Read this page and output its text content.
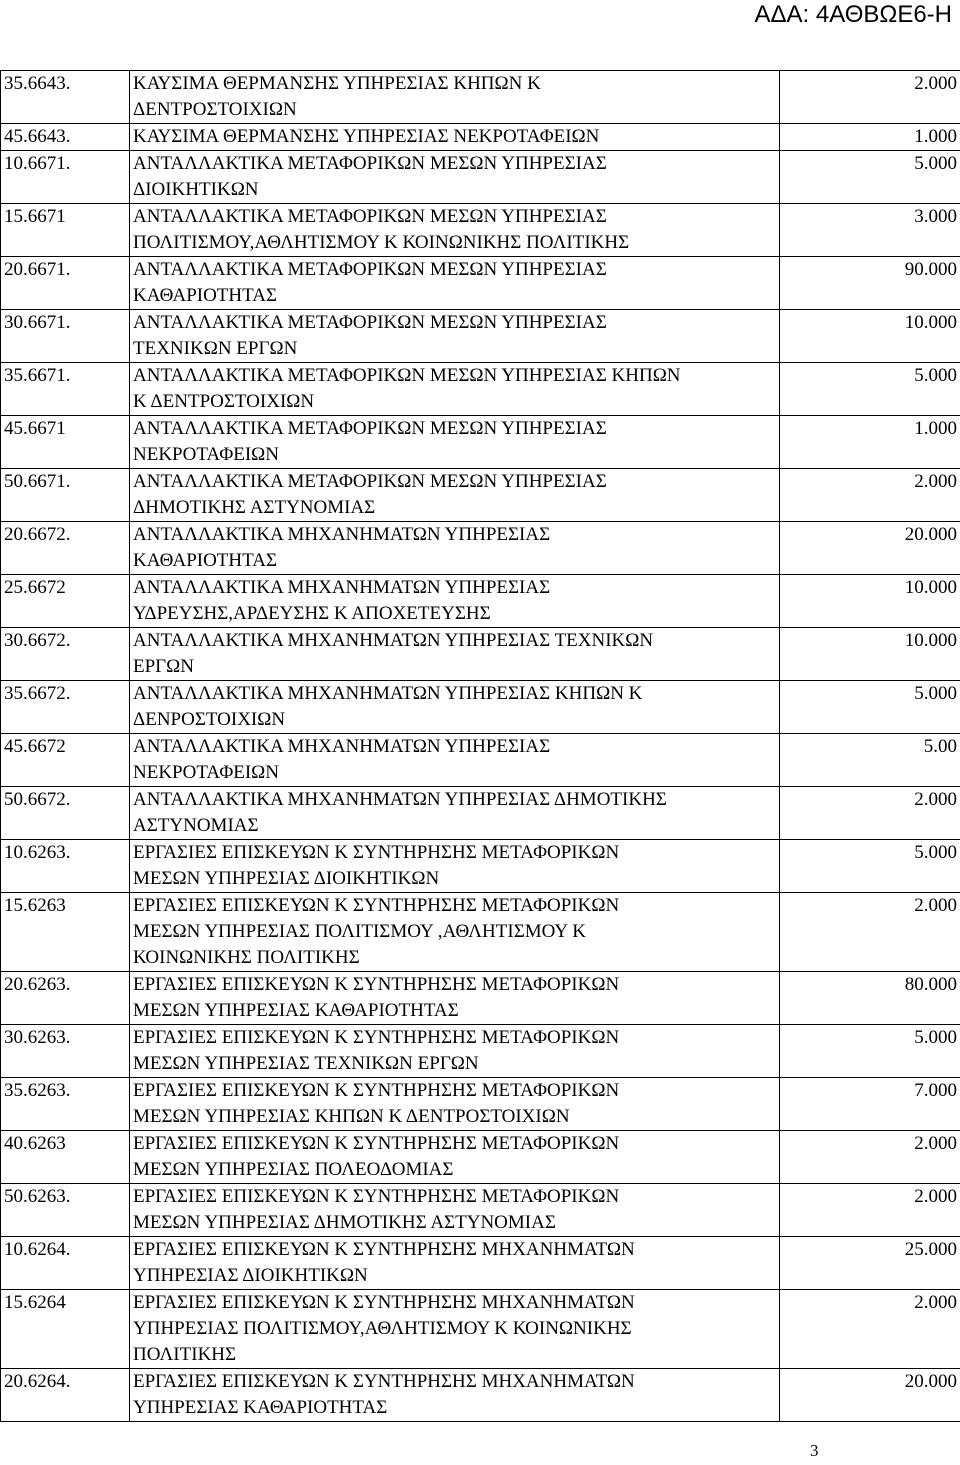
ΑΔΑ: 4ΑΘΒΩΕ6-Η
35.6643.	ΚΑΥΣΙΜΑ ΘΕΡΜΑΝΣΗΣ ΥΠΗΡΕΣΙΑΣ ΚΗΠΩΝ Κ
ΔΕΝΤΡΟΣΤΟΙΧΙΩΝ	2.000
45.6643.	ΚΑΥΣΙΜΑ ΘΕΡΜΑΝΣΗΣ ΥΠΗΡΕΣΙΑΣ ΝΕΚΡΟΤΑΦΕΙΩΝ	1.000
10.6671.	ΑΝΤΑΛΛΑΚΤΙΚΑ ΜΕΤΑΦΟΡΙΚΩΝ ΜΕΣΩΝ ΥΠΗΡΕΣΙΑΣ
ΔΙΟΙΚΗΤΙΚΩΝ	5.000
15.6671	ΑΝΤΑΛΛΑΚΤΙΚΑ ΜΕΤΑΦΟΡΙΚΩΝ ΜΕΣΩΝ ΥΠΗΡΕΣΙΑΣ
ΠΟΛΙΤΙΣΜΟΥ,ΑΘΛΗΤΙΣΜΟΥ Κ ΚΟΙΝΩΝΙΚΗΣ ΠΟΛΙΤΙΚΗΣ	3.000
20.6671.	ΑΝΤΑΛΛΑΚΤΙΚΑ ΜΕΤΑΦΟΡΙΚΩΝ ΜΕΣΩΝ ΥΠΗΡΕΣΙΑΣ
ΚΑΘΑΡΙΟΤΗΤΑΣ	90.000
30.6671.	ΑΝΤΑΛΛΑΚΤΙΚΑ ΜΕΤΑΦΟΡΙΚΩΝ ΜΕΣΩΝ ΥΠΗΡΕΣΙΑΣ
ΤΕΧΝΙΚΩΝ ΕΡΓΩΝ	10.000
35.6671.	ΑΝΤΑΛΛΑΚΤΙΚΑ ΜΕΤΑΦΟΡΙΚΩΝ ΜΕΣΩΝ ΥΠΗΡΕΣΙΑΣ ΚΗΠΩΝ
Κ ΔΕΝΤΡΟΣΤΟΙΧΙΩΝ	5.000
45.6671	ΑΝΤΑΛΛΑΚΤΙΚΑ ΜΕΤΑΦΟΡΙΚΩΝ ΜΕΣΩΝ ΥΠΗΡΕΣΙΑΣ
ΝΕΚΡΟΤΑΦΕΙΩΝ	1.000
50.6671.	ΑΝΤΑΛΛΑΚΤΙΚΑ ΜΕΤΑΦΟΡΙΚΩΝ ΜΕΣΩΝ ΥΠΗΡΕΣΙΑΣ
ΔΗΜΟΤΙΚΗΣ ΑΣΤΥΝΟΜΙΑΣ	2.000
20.6672.	ΑΝΤΑΛΛΑΚΤΙΚΑ ΜΗΧΑΝΗΜΑΤΩΝ ΥΠΗΡΕΣΙΑΣ
ΚΑΘΑΡΙΟΤΗΤΑΣ	20.000
25.6672	ΑΝΤΑΛΛΑΚΤΙΚΑ ΜΗΧΑΝΗΜΑΤΩΝ ΥΠΗΡΕΣΙΑΣ
ΥΔΡΕΥΣΗΣ,ΑΡΔΕΥΣΗΣ Κ ΑΠΟΧΕΤΕΥΣΗΣ	10.000
30.6672.	ΑΝΤΑΛΛΑΚΤΙΚΑ ΜΗΧΑΝΗΜΑΤΩΝ ΥΠΗΡΕΣΙΑΣ ΤΕΧΝΙΚΩΝ
ΕΡΓΩΝ	10.000
35.6672.	ΑΝΤΑΛΛΑΚΤΙΚΑ ΜΗΧΑΝΗΜΑΤΩΝ ΥΠΗΡΕΣΙΑΣ ΚΗΠΩΝ Κ
ΔΕΝΡΟΣΤΟΙΧΙΩΝ	5.000
45.6672	ΑΝΤΑΛΛΑΚΤΙΚΑ ΜΗΧΑΝΗΜΑΤΩΝ ΥΠΗΡΕΣΙΑΣ
ΝΕΚΡΟΤΑΦΕΙΩΝ	5.00
50.6672.	ΑΝΤΑΛΛΑΚΤΙΚΑ ΜΗΧΑΝΗΜΑΤΩΝ ΥΠΗΡΕΣΙΑΣ ΔΗΜΟΤΙΚΗΣ
ΑΣΤΥΝΟΜΙΑΣ	2.000
10.6263.	ΕΡΓΑΣΙΕΣ ΕΠΙΣΚΕΥΩΝ Κ ΣΥΝΤΗΡΗΣΗΣ ΜΕΤΑΦΟΡΙΚΩΝ
ΜΕΣΩΝ ΥΠΗΡΕΣΙΑΣ ΔΙΟΙΚΗΤΙΚΩΝ	5.000
15.6263	ΕΡΓΑΣΙΕΣ ΕΠΙΣΚΕΥΩΝ Κ ΣΥΝΤΗΡΗΣΗΣ ΜΕΤΑΦΟΡΙΚΩΝ
ΜΕΣΩΝ ΥΠΗΡΕΣΙΑΣ ΠΟΛΙΤΙΣΜΟΥ ,ΑΘΛΗΤΙΣΜΟΥ Κ
ΚΟΙΝΩΝΙΚΗΣ ΠΟΛΙΤΙΚΗΣ	2.000
20.6263.	ΕΡΓΑΣΙΕΣ ΕΠΙΣΚΕΥΩΝ Κ ΣΥΝΤΗΡΗΣΗΣ ΜΕΤΑΦΟΡΙΚΩΝ
ΜΕΣΩΝ ΥΠΗΡΕΣΙΑΣ ΚΑΘΑΡΙΟΤΗΤΑΣ	80.000
30.6263.	ΕΡΓΑΣΙΕΣ ΕΠΙΣΚΕΥΩΝ Κ ΣΥΝΤΗΡΗΣΗΣ ΜΕΤΑΦΟΡΙΚΩΝ
ΜΕΣΩΝ ΥΠΗΡΕΣΙΑΣ ΤΕΧΝΙΚΩΝ ΕΡΓΩΝ	5.000
35.6263.	ΕΡΓΑΣΙΕΣ ΕΠΙΣΚΕΥΩΝ Κ ΣΥΝΤΗΡΗΣΗΣ ΜΕΤΑΦΟΡΙΚΩΝ
ΜΕΣΩΝ ΥΠΗΡΕΣΙΑΣ ΚΗΠΩΝ Κ ΔΕΝΤΡΟΣΤΟΙΧΙΩΝ	7.000
40.6263	ΕΡΓΑΣΙΕΣ ΕΠΙΣΚΕΥΩΝ Κ ΣΥΝΤΗΡΗΣΗΣ ΜΕΤΑΦΟΡΙΚΩΝ
ΜΕΣΩΝ ΥΠΗΡΕΣΙΑΣ ΠΟΛΕΟΔΟΜΙΑΣ	2.000
50.6263.	ΕΡΓΑΣΙΕΣ ΕΠΙΣΚΕΥΩΝ Κ ΣΥΝΤΗΡΗΣΗΣ ΜΕΤΑΦΟΡΙΚΩΝ
ΜΕΣΩΝ ΥΠΗΡΕΣΙΑΣ ΔΗΜΟΤΙΚΗΣ ΑΣΤΥΝΟΜΙΑΣ	2.000
10.6264.	ΕΡΓΑΣΙΕΣ ΕΠΙΣΚΕΥΩΝ Κ ΣΥΝΤΗΡΗΣΗΣ ΜΗΧΑΝΗΜΑΤΩΝ
ΥΠΗΡΕΣΙΑΣ ΔΙΟΙΚΗΤΙΚΩΝ	25.000
15.6264	ΕΡΓΑΣΙΕΣ ΕΠΙΣΚΕΥΩΝ Κ ΣΥΝΤΗΡΗΣΗΣ ΜΗΧΑΝΗΜΑΤΩΝ
ΥΠΗΡΕΣΙΑΣ ΠΟΛΙΤΙΣΜΟΥ,ΑΘΛΗΤΙΣΜΟΥ Κ ΚΟΙΝΩΝΙΚΗΣ
ΠΟΛΙΤΙΚΗΣ	2.000
20.6264.	ΕΡΓΑΣΙΕΣ ΕΠΙΣΚΕΥΩΝ Κ ΣΥΝΤΗΡΗΣΗΣ ΜΗΧΑΝΗΜΑΤΩΝ
ΥΠΗΡΕΣΙΑΣ ΚΑΘΑΡΙΟΤΗΤΑΣ	20.000
3
